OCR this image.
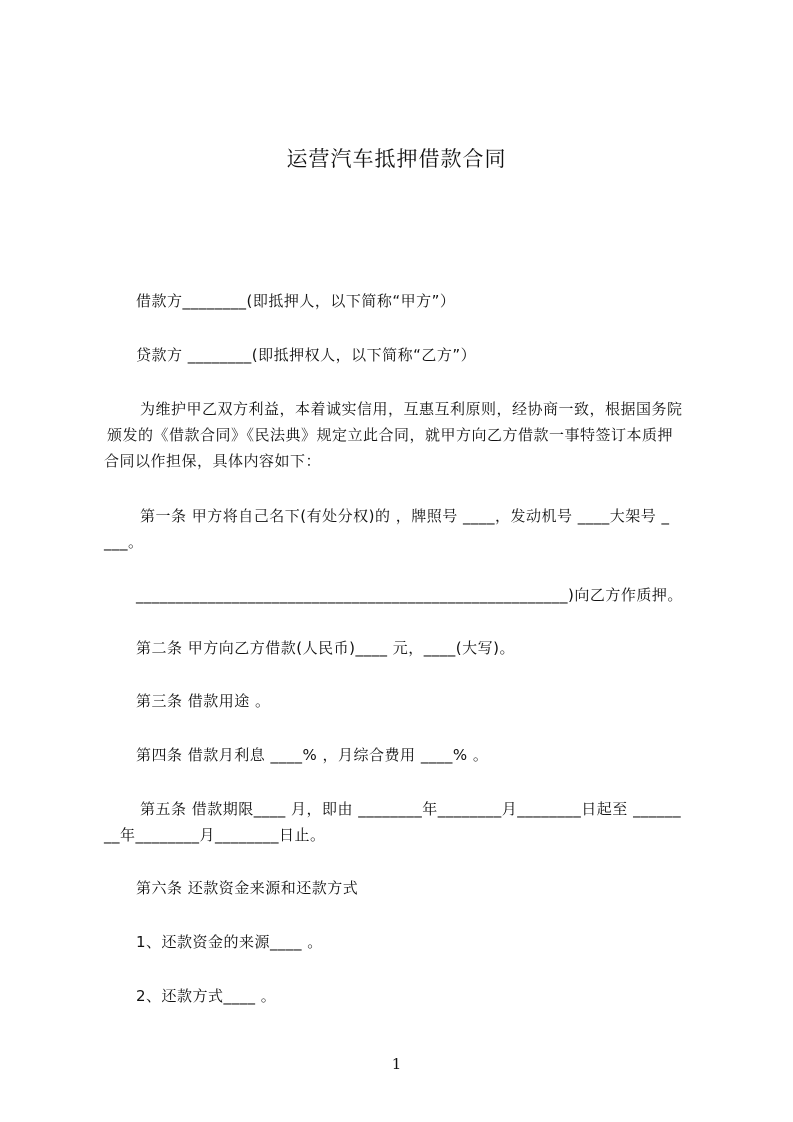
运营汽车抵押借款合同
借款方________(即抵押人，以下简称“甲方”）
贷款方 ________(即抵押权人，以下简称“乙方”）
为维护甲乙双方利益，本着诚实信用，互惠互利原则，经协商一致，根据国务院
颁发的《借款合同》《民法典》规定立此合同，就甲方向乙方借款一事特签订本质押
合同以作担保，具体内容如下：
第一条 甲方将自己名下(有处分权)的 ，牌照号 ____，发动机号 ____大架号 _
___。
______________________________________________________)向乙方作质押。
第二条 甲方向乙方借款(人民币)____ 元，____(大写)。
第三条 借款用途 。
第四条 借款月利息 ____% ，月综合费用 ____% 。
第五条 借款期限____ 月，即由 ________年________月________日起至 ______
__年________月________日止。
第六条 还款资金来源和还款方式
1、还款资金的来源____ 。
2、还款方式____ 。
1
